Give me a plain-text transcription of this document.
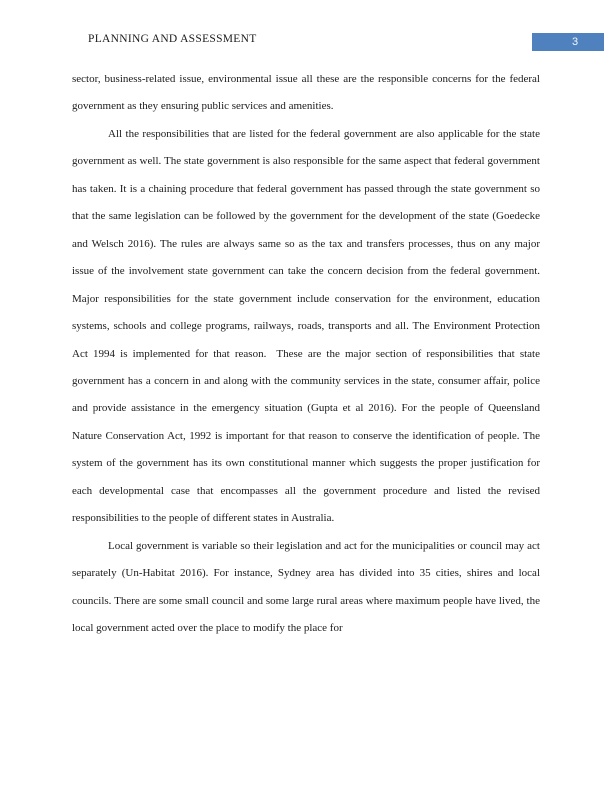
PLANNING AND ASSESSMENT	3

sector, business-related issue, environmental issue all these are the responsible concerns for the federal government as they ensuring public services and amenities.

All the responsibilities that are listed for the federal government are also applicable for the state government as well. The state government is also responsible for the same aspect that federal government has taken. It is a chaining procedure that federal government has passed through the state government so that the same legislation can be followed by the government for the development of the state (Goedecke and Welsch 2016). The rules are always same so as the tax and transfers processes, thus on any major issue of the involvement state government can take the concern decision from the federal government. Major responsibilities for the state government include conservation for the environment, education systems, schools and college programs, railways, roads, transports and all. The Environment Protection Act 1994 is implemented for that reason.  These are the major section of responsibilities that state government has a concern in and along with the community services in the state, consumer affair, police and provide assistance in the emergency situation (Gupta et al 2016). For the people of Queensland Nature Conservation Act, 1992 is important for that reason to conserve the identification of people. The system of the government has its own constitutional manner which suggests the proper justification for each developmental case that encompasses all the government procedure and listed the revised responsibilities to the people of different states in Australia.

Local government is variable so their legislation and act for the municipalities or council may act separately (Un-Habitat 2016). For instance, Sydney area has divided into 35 cities, shires and local councils. There are some small council and some large rural areas where maximum people have lived, the local government acted over the place to modify the place for
